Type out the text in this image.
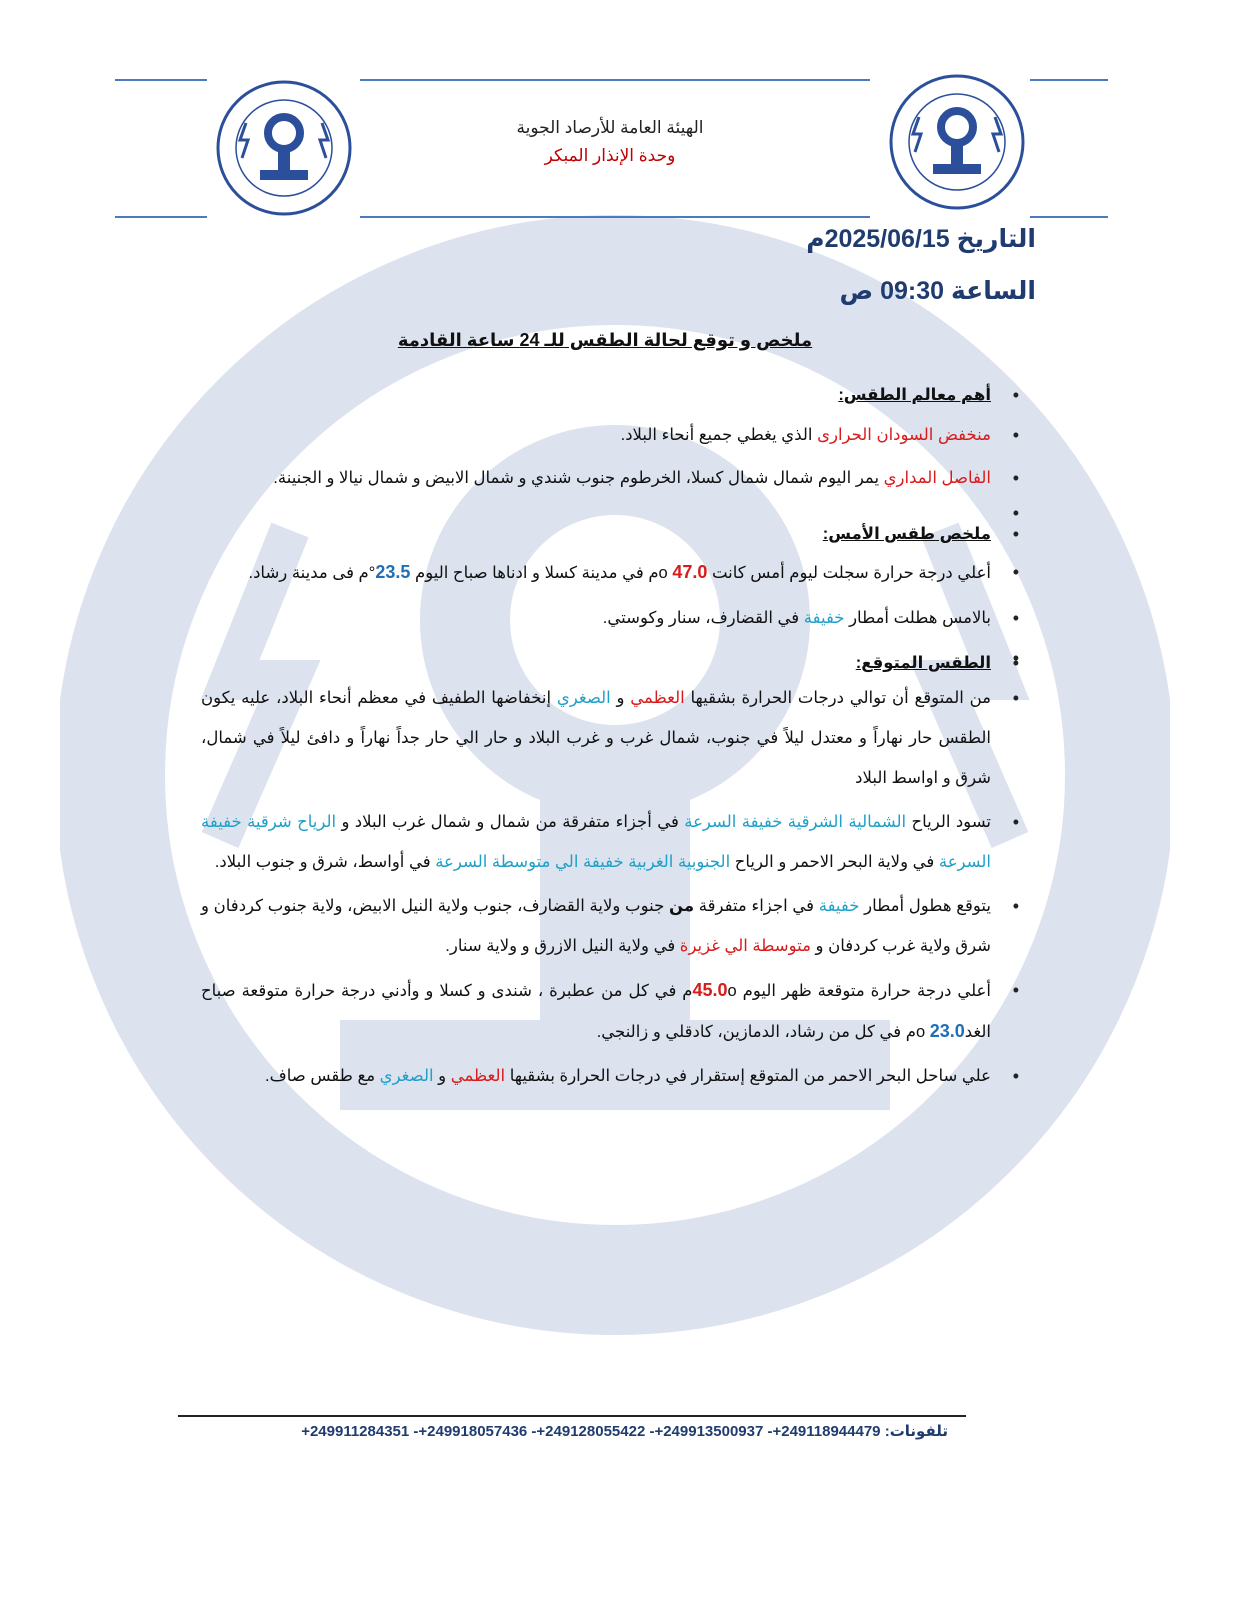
الهيئة العامة للأرصاد الجوية
وحدة الإنذار المبكر
التاريخ 2025/06/15م
الساعة 09:30 ص
ملخص و توقع لحالة الطقس للـ 24 ساعة القادمة
• أهم معالم الطقس:
• منخفض السودان الحرارى الذي يغطي جميع أنحاء البلاد.
• الفاصل المداري يمر اليوم شمال شمال كسلا، الخرطوم جنوب شندي و شمال الابيض و شمال نيالا و الجنينة.
•
• ملخص طقس الأمس:
• أعلي درجة حرارة سجلت ليوم أمس كانت 47.0 oم في مدينة كسلا و ادناها صباح اليوم 23.5°م فى مدينة رشاد.
• بالامس هطلت أمطار خفيفة في القضارف، سنار وكوستي.
•
• الطقس المتوقع:
• من المتوقع أن توالي درجات الحرارة بشقيها العظمي و الصغري إنخفاضها الطفيف في معظم أنحاء البلاد، عليه يكون الطقس حار نهاراً و معتدل ليلاً في جنوب، شمال غرب و غرب البلاد و حار الي حار جداً نهاراً و دافئ ليلاً في شمال، شرق و اواسط البلاد
• تسود الرياح الشمالية الشرقية خفيفة السرعة في أجزاء متفرقة من شمال و شمال غرب البلاد و الرياح شرقية خفيفة السرعة في ولاية البحر الاحمر و الرياح الجنوبية الغربية خفيفة الي متوسطة السرعة في أواسط، شرق و جنوب البلاد.
• يتوقع هطول أمطار خفيفة في اجزاء متفرقة من جنوب ولاية القضارف، جنوب ولاية النيل الابيض، ولاية جنوب كردفان و شرق ولاية غرب كردفان و متوسطة الي غزيرة في ولاية النيل الازرق و ولاية سنار.
• أعلي درجة حرارة متوقعة ظهر اليوم 45.0oم في كل من عطبرة ، شندى و كسلا و وأدني درجة حرارة متوقعة صباح الغد23.0 oم في كل من رشاد، الدمازين، كادقلي و زالنجي.
• علي ساحل البحر الاحمر من المتوقع إستقرار في درجات الحرارة بشقيها العظمي و الصغري مع طقس صاف.
تلفونات: +249911284351 -+249918057436 -+249128055422 -+249913500937 -+249118944479
